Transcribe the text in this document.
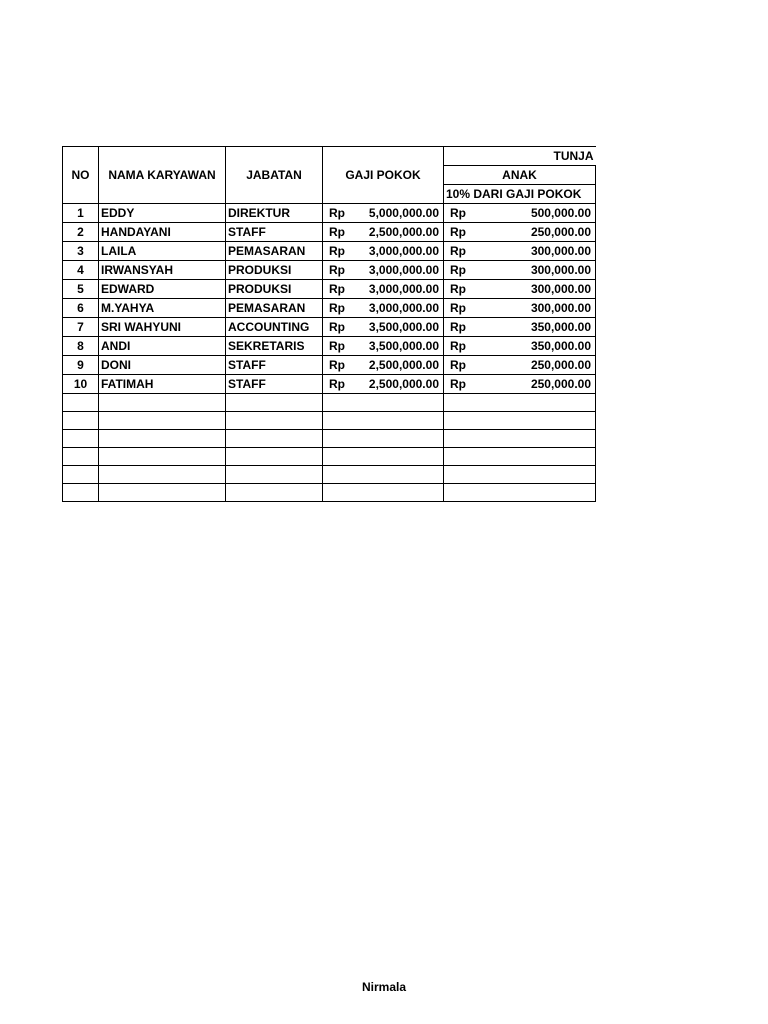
NO	NAMA KARYAWAN	JABATAN	GAJI POKOK	TUNJA
				ANAK
				10% DARI GAJI POKOK
1	EDDY	DIREKTUR	Rp 5,000,000.00	Rp 500,000.00

2	HANDAYANI	STAFF	Rp 2,500,000.00	Rp 250,000.00

3	LAILA	PEMASARAN	Rp 3,000,000.00	Rp 300,000.00

4	IRWANSYAH	PRODUKSI	Rp 3,000,000.00	Rp 300,000.00

5	EDWARD	PRODUKSI	Rp 3,000,000.00	Rp 300,000.00

6	M.YAHYA	PEMASARAN	Rp 3,000,000.00	Rp 300,000.00

7	SRI WAHYUNI	ACCOUNTING	Rp 3,500,000.00	Rp 350,000.00

8	ANDI	SEKRETARIS	Rp 3,500,000.00	Rp 350,000.00

9	DONI	STAFF	Rp 2,500,000.00	Rp 250,000.00

10	FATIMAH	STAFF	Rp 2,500,000.00	Rp 250,000.00

Nirmala
